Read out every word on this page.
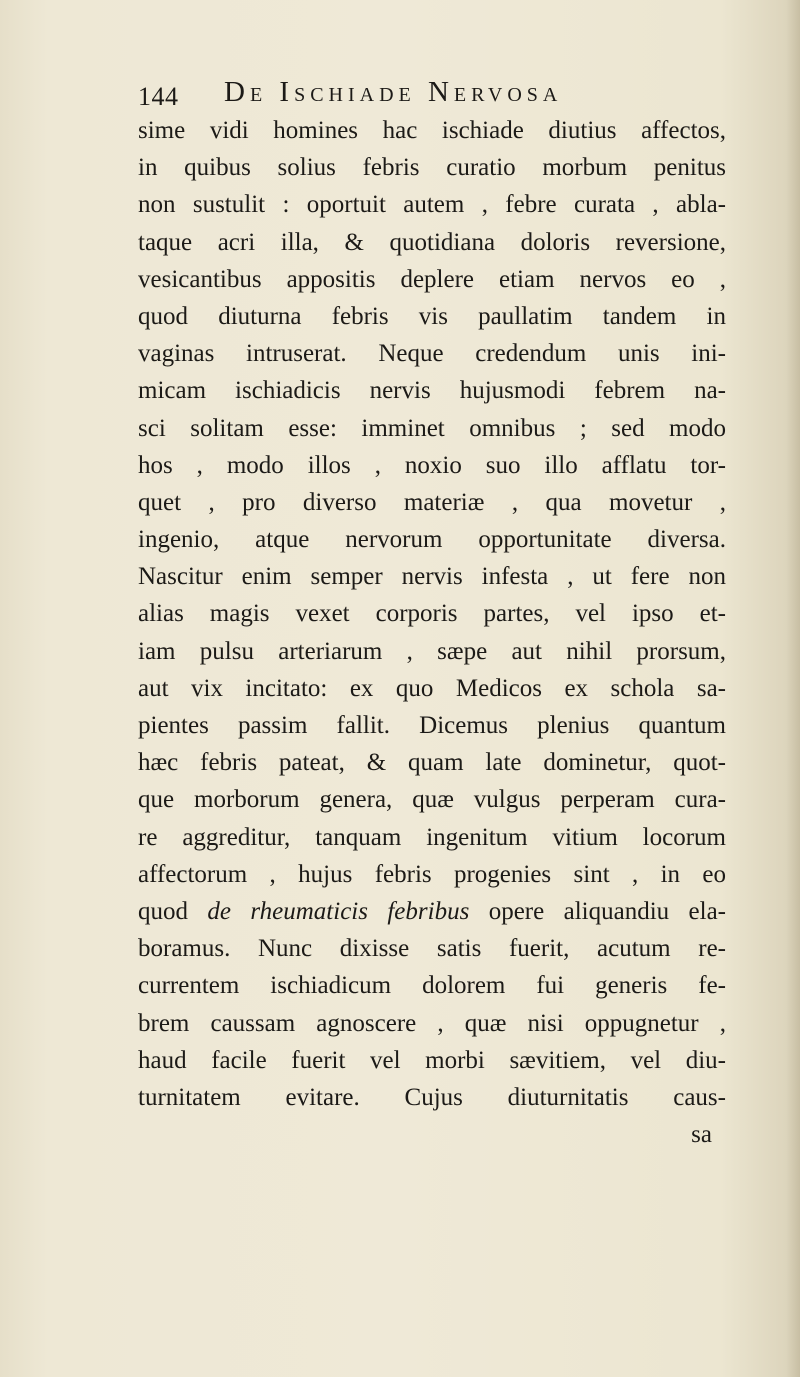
144 De Ischiade Nervosa
sime vidi homines hac ischiade diutius affectos,
in quibus solius febris curatio morbum penitus
non sustulit : oportuit autem , febre curata , abla-
taque acri illa, & quotidiana doloris reversione,
vesicantibus appositis deplere etiam nervos eo ,
quod diuturna febris vis paullatim tandem in
vaginas intruserat. Neque credendum unis ini-
micam ischiadicis nervis hujusmodi febrem na-
sci solitam esse: imminet omnibus ; sed modo
hos , modo illos , noxio suo illo afflatu tor-
quet , pro diverso materiæ , qua movetur ,
ingenio, atque nervorum opportunitate diversa.
Nascitur enim semper nervis infesta , ut fere non
alias magis vexet corporis partes, vel ipso et-
iam pulsu arteriarum , sæpe aut nihil prorsum,
aut vix incitato: ex quo Medicos ex schola sa-
pientes passim fallit. Dicemus plenius quantum
hæc febris pateat, & quam late dominetur, quot-
que morborum genera, quæ vulgus perperam cura-
re aggreditur, tanquam ingenitum vitium locorum
affectorum , hujus febris progenies sint , in eo
quod de rheumaticis febribus opere aliquandiu ela-
boramus. Nunc dixisse satis fuerit, acutum re-
currentem ischiadicum dolorem fui generis fe-
brem caussam agnoscere , quæ nisi oppugnetur ,
haud facile fuerit vel morbi sævitiem, vel diu-
turnitatem evitare. Cujus diuturnitatis caus-
sa
